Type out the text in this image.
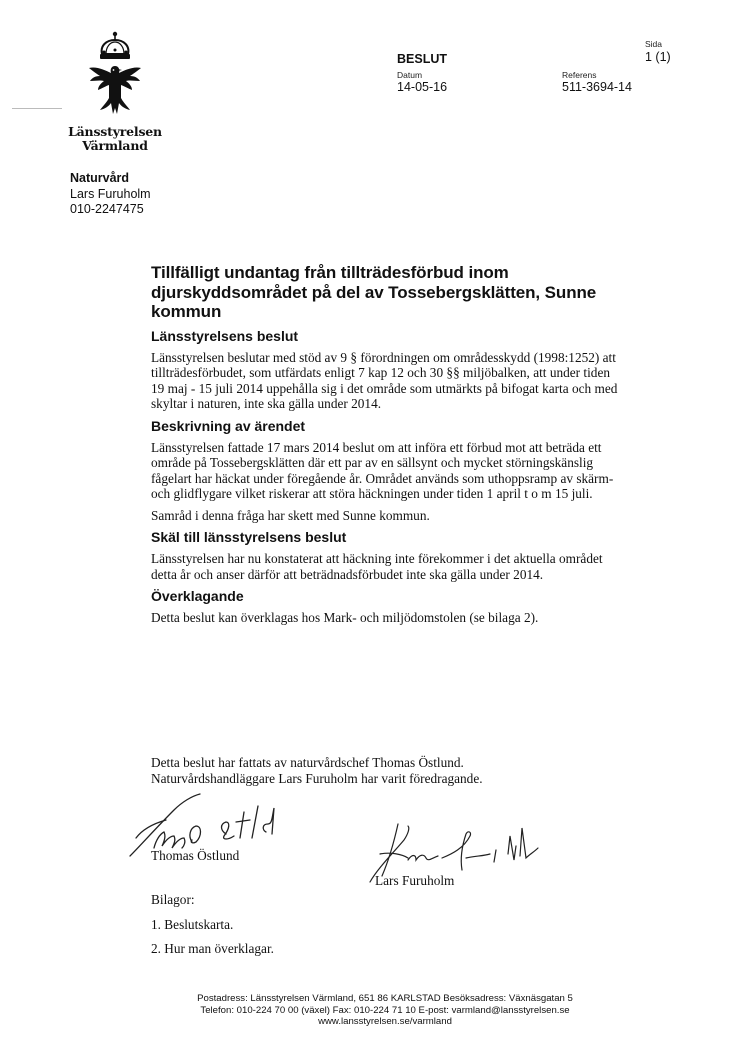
Länsstyrelsen
Värmland
BESLUT
Datum
14-05-16
Referens
511-3694-14
Sida
1 (1)
Naturvård
Lars Furuholm
010-2247475
Tillfälligt undantag från tillträdesförbud inom djurskyddsområdet på del av Tossebergsklätten, Sunne kommun
Länsstyrelsens beslut

Länsstyrelsen beslutar med stöd av 9 § förordningen om områdesskydd (1998:1252) att tillträdesförbudet, som utfärdats enligt 7 kap 12 och 30 §§ miljöbalken, att under tiden 19 maj - 15 juli 2014 uppehålla sig i det område som utmärkts på bifogat karta och med skyltar i naturen, inte ska gälla under 2014.

Beskrivning av ärendet

Länsstyrelsen fattade 17 mars 2014 beslut om att införa ett förbud mot att beträda ett område på Tossebergsklätten där ett par av en sällsynt och mycket störningskänslig fågelart har häckat under föregående år. Området används som uthoppsramp av skärm- och glidflygare vilket riskerar att störa häckningen under tiden 1 april t o m 15 juli.

Samråd i denna fråga har skett med Sunne kommun.

Skäl till länsstyrelsens beslut

Länsstyrelsen har nu konstaterat att häckning inte förekommer i det aktuella området detta år och anser därför att beträdnadsförbudet inte ska gälla under 2014.

Överklagande

Detta beslut kan överklagas hos Mark- och miljödomstolen (se bilaga 2).

Detta beslut har fattats av naturvårdschef Thomas Östlund.
Naturvårdshandläggare Lars Furuholm har varit föredragande.
Thomas Östlund
Lars Furuholm
Bilagor:
1. Beslutskarta.
2. Hur man överklagar.
Postadress: Länsstyrelsen Värmland, 651 86 KARLSTAD Besöksadress: Växnäsgatan 5
Telefon: 010-224 70 00 (växel) Fax: 010-224 71 10 E-post: varmland@lansstyrelsen.se
www.lansstyrelsen.se/varmland
